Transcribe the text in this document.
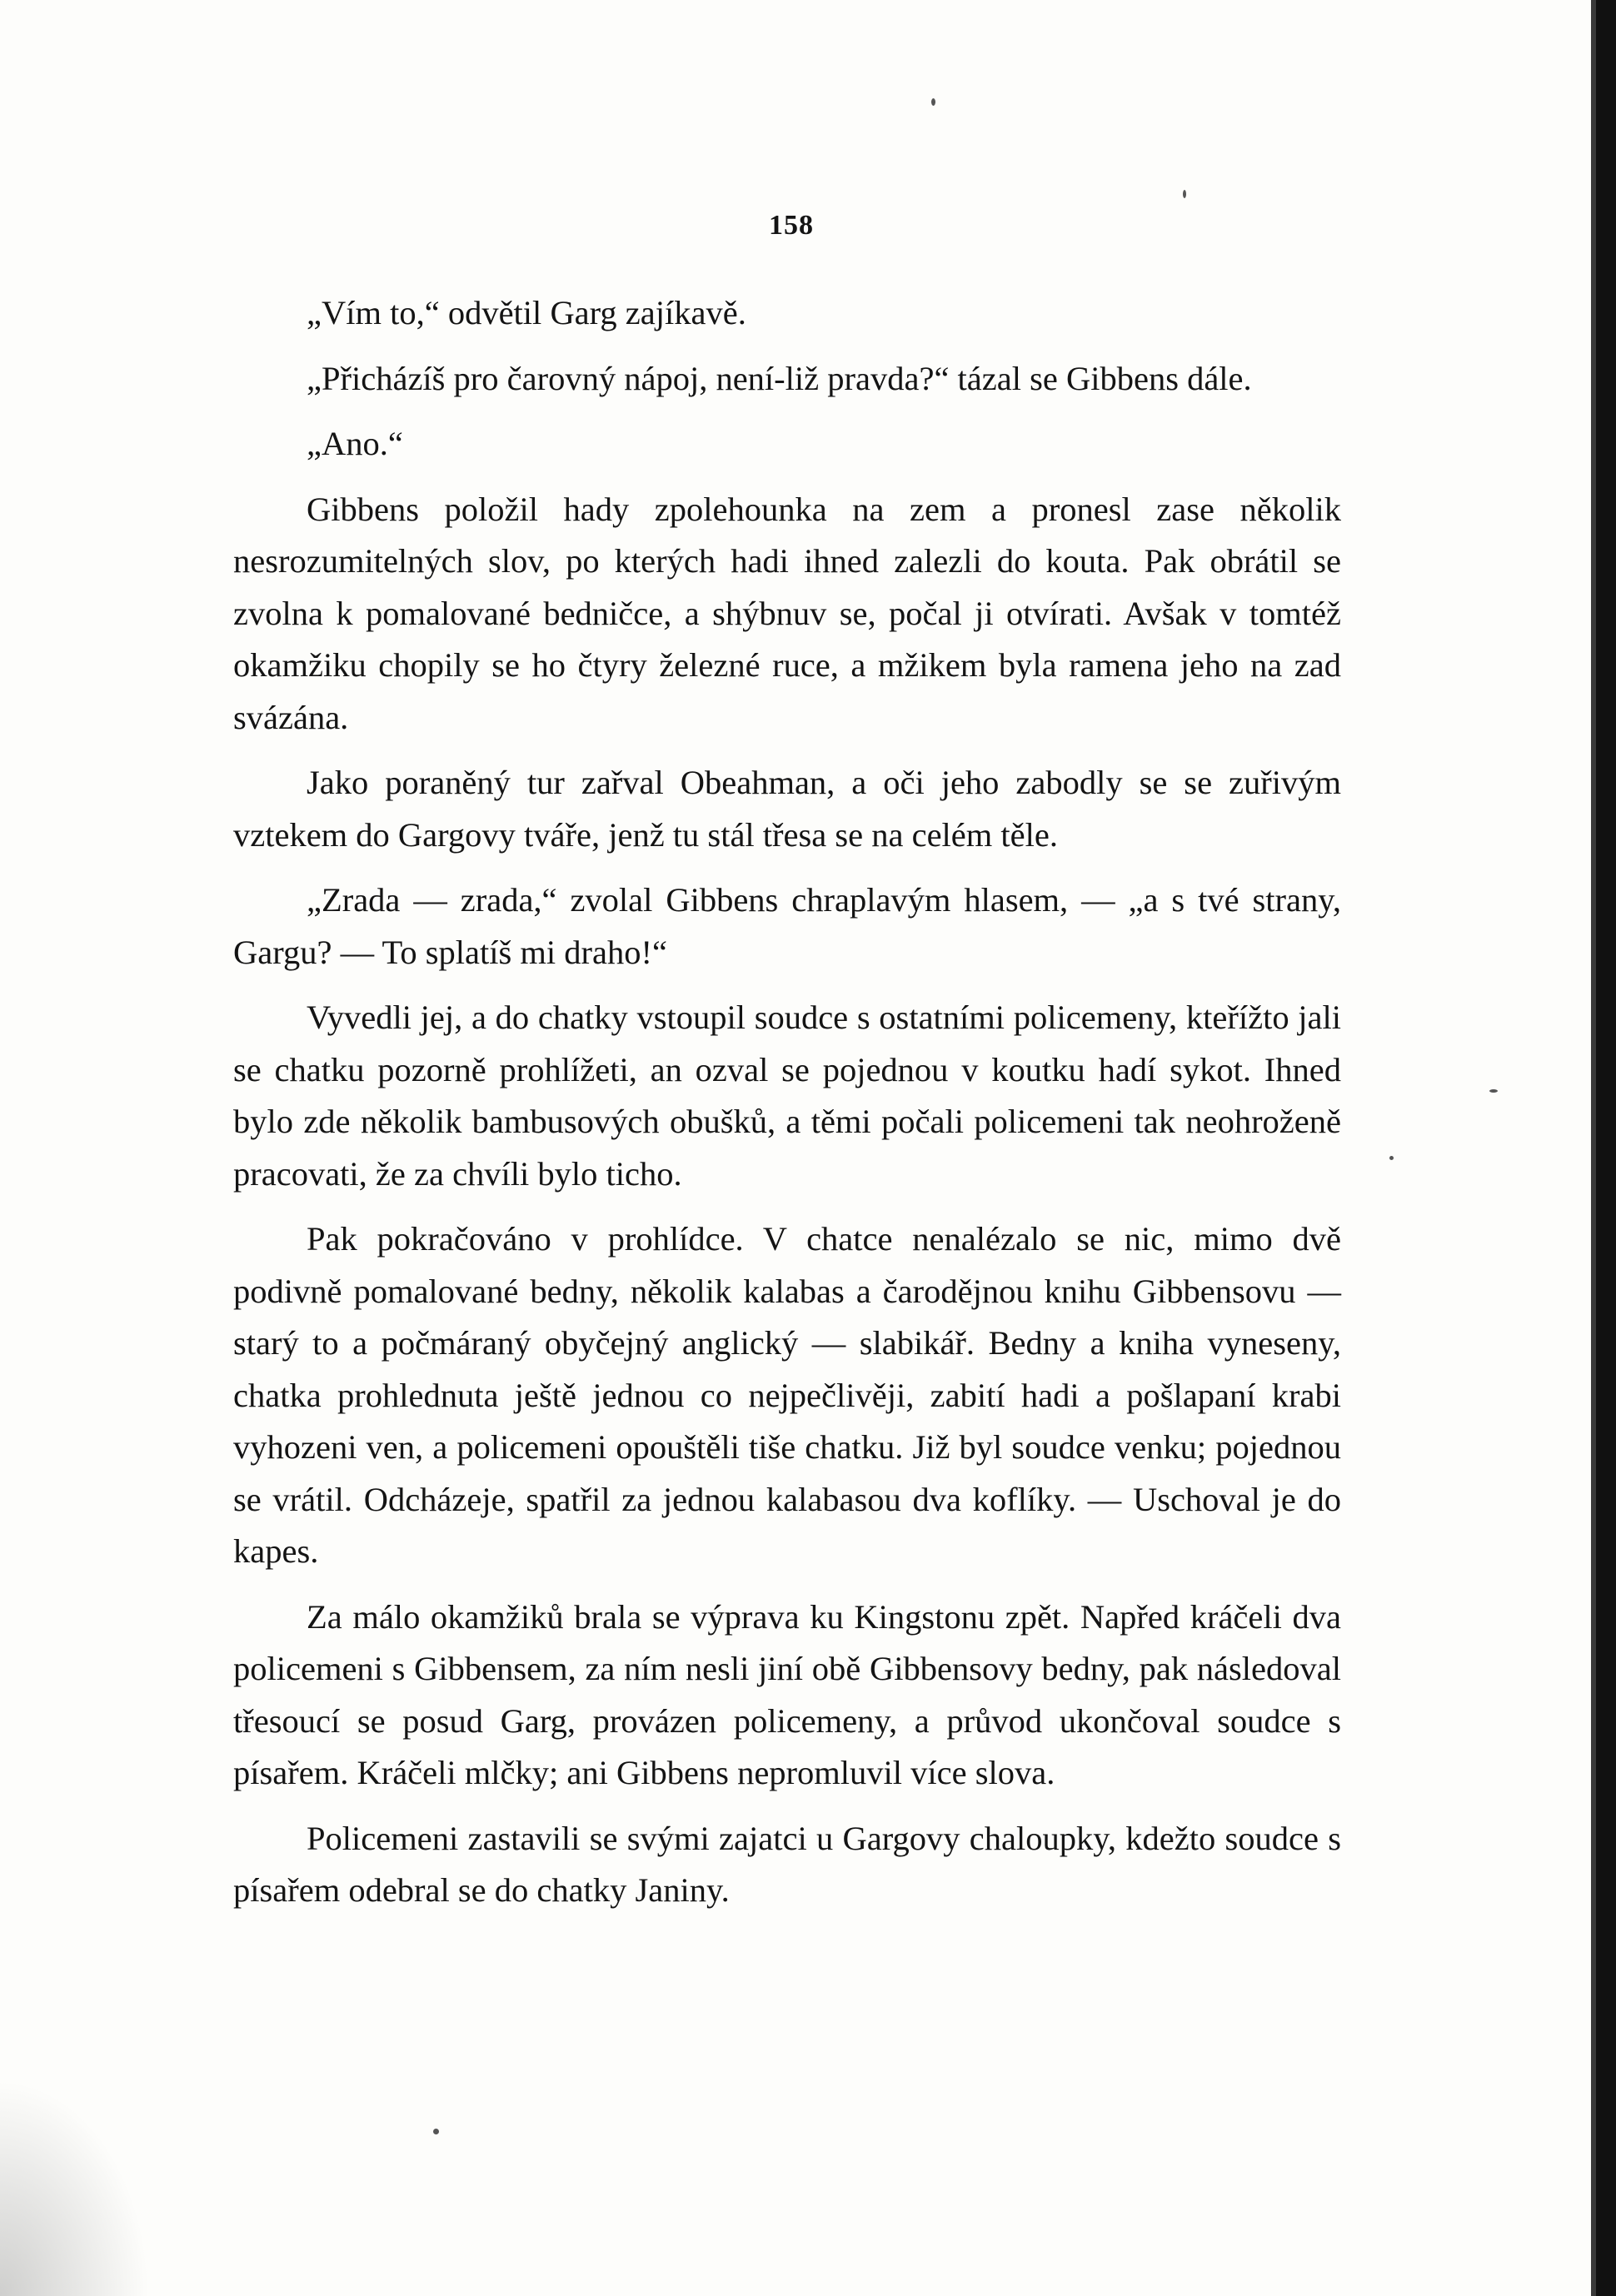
158

„Vím to,“ odvětil Garg zajíkavě.

„Přicházíš pro čarovný nápoj, není-liž pravda?“ tázal se Gibbens dále.

„Ano.“

Gibbens položil hady zpolehounka na zem a pronesl zase několik nesrozumitelných slov, po kterých hadi ihned zalezli do kouta. Pak obrátil se zvolna k pomalované bedničce, a shýbnuv se, počal ji otvírati. Avšak v tomtéž okamžiku chopily se ho čtyry železné ruce, a mžikem byla ramena jeho na zad svázána.

Jako poraněný tur zařval Obeahman, a oči jeho zabodly se se zuřivým vztekem do Gargovy tváře, jenž tu stál třesa se na celém těle.

„Zrada — zrada,“ zvolal Gibbens chraplavým hlasem, — „a s tvé strany, Gargu? — To splatíš mi draho!“

Vyvedli jej, a do chatky vstoupil soudce s ostatními policemeny, kteřížto jali se chatku pozorně prohlížeti, an ozval se pojednou v koutku hadí sykot. Ihned bylo zde několik bambusových obušků, a těmi počali policemeni tak neohroženě pracovati, že za chvíli bylo ticho.

Pak pokračováno v prohlídce. V chatce nenalézalo se nic, mimo dvě podivně pomalované bedny, několik kalabas a čarodějnou knihu Gibbensovu — starý to a počmáraný obyčejný anglický — slabikář. Bedny a kniha vyneseny, chatka prohlednuta ještě jednou co nejpečlivěji, zabití hadi a pošlapaní krabi vyhozeni ven, a policemeni opouštěli tiše chatku. Již byl soudce venku; pojednou se vrátil. Odcházeje, spatřil za jednou kalabasou dva koflíky. — Uschoval je do kapes.

Za málo okamžiků brala se výprava ku Kingstonu zpět. Napřed kráčeli dva policemeni s Gibbensem, za ním nesli jiní obě Gibbensovy bedny, pak následoval třesoucí se posud Garg, provázen policemeny, a průvod ukončoval soudce s písařem. Kráčeli mlčky; ani Gibbens nepromluvil více slova.

Policemeni zastavili se svými zajatci u Gargovy chaloupky, kdežto soudce s písařem odebral se do chatky Janiny.
